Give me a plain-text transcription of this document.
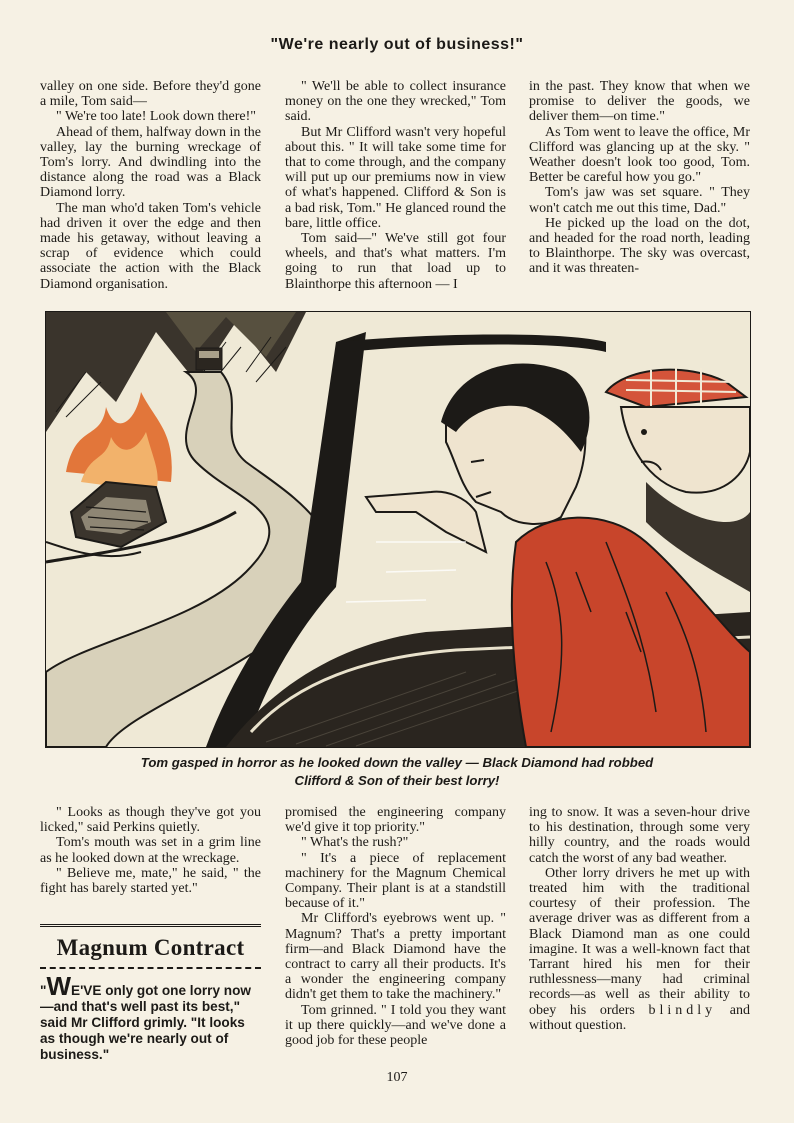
"We're nearly out of business!"

valley on one side. Before they'd gone a mile, Tom said—

" We're too late! Look down there!"

Ahead of them, halfway down in the valley, lay the burning wreckage of Tom's lorry. And dwindling into the distance along the road was a Black Diamond lorry.

The man who'd taken Tom's vehicle had driven it over the edge and then made his getaway, without leaving a scrap of evidence which could associate the action with the Black Diamond organisation.

" We'll be able to collect insurance money on the one they wrecked," Tom said.

But Mr Clifford wasn't very hopeful about this. " It will take some time for that to come through, and the company will put up our premiums now in view of what's happened. Clifford & Son is a bad risk, Tom." He glanced round the bare, little office.

Tom said—" We've still got four wheels, and that's what matters. I'm going to run that load up to Blainthorpe this afternoon — I

in the past. They know that when we promise to deliver the goods, we deliver them—on time."

As Tom went to leave the office, Mr Clifford was glancing up at the sky. " Weather doesn't look too good, Tom. Better be careful how you go."

Tom's jaw was set square. " They won't catch me out this time, Dad."

He picked up the load on the dot, and headed for the road north, leading to Blainthorpe. The sky was overcast, and it was threaten-

Tom gasped in horror as he looked down the valley — Black Diamond had robbed
Clifford & Son of their best lorry!

" Looks as though they've got you licked," said Perkins quietly.

Tom's mouth was set in a grim line as he looked down at the wreckage.

" Believe me, mate," he said, " the fight has barely started yet."

Magnum Contract
"WE'VE only got one lorry now—and that's well past its best," said Mr Clifford grimly. "It looks as though we're nearly out of business."

promised the engineering company we'd give it top priority."

" What's the rush?"

" It's a piece of replacement machinery for the Magnum Chemical Company. Their plant is at a standstill because of it."

Mr Clifford's eyebrows went up. " Magnum? That's a pretty important firm—and Black Diamond have the contract to carry all their products. It's a wonder the engineering company didn't get them to take the machinery."

Tom grinned. " I told you they want it up there quickly—and we've done a good job for these people

ing to snow. It was a seven-hour drive to his destination, through some very hilly country, and the roads would catch the worst of any bad weather.

Other lorry drivers he met up with treated him with the traditional courtesy of their profession. The average driver was as different from a Black Diamond man as one could imagine. It was a well-known fact that Tarrant hired his men for their ruthlessness—many had criminal records—as well as their ability to obey his orders blindly and without question.

107
